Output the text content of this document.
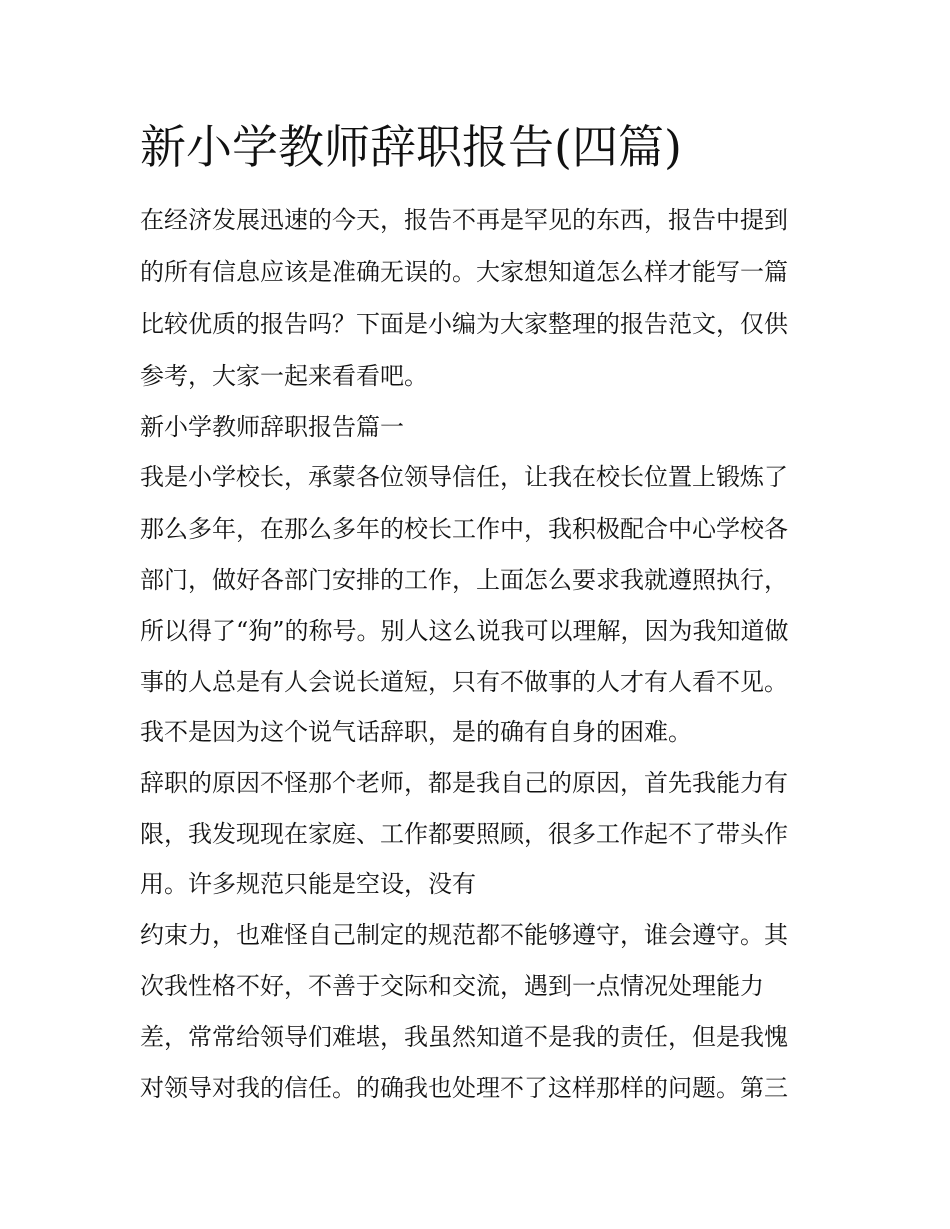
新小学教师辞职报告(四篇)
在经济发展迅速的今天，报告不再是罕见的东西，报告中提到
的所有信息应该是准确无误的。大家想知道怎么样才能写一篇
比较优质的报告吗？下面是小编为大家整理的报告范文，仅供
参考，大家一起来看看吧。
新小学教师辞职报告篇一
我是小学校长，承蒙各位领导信任，让我在校长位置上锻炼了
那么多年，在那么多年的校长工作中，我积极配合中心学校各
部门，做好各部门安排的工作，上面怎么要求我就遵照执行，
所以得了“狗”的称号。别人这么说我可以理解，因为我知道做
事的人总是有人会说长道短，只有不做事的人才有人看不见。
我不是因为这个说气话辞职，是的确有自身的困难。
辞职的原因不怪那个老师，都是我自己的原因，首先我能力有
限，我发现现在家庭、工作都要照顾，很多工作起不了带头作
用。许多规范只能是空设，没有
约束力，也难怪自己制定的规范都不能够遵守，谁会遵守。其
次我性格不好，不善于交际和交流，遇到一点情况处理能力
差，常常给领导们难堪，我虽然知道不是我的责任，但是我愧
对领导对我的信任。的确我也处理不了这样那样的问题。第三
